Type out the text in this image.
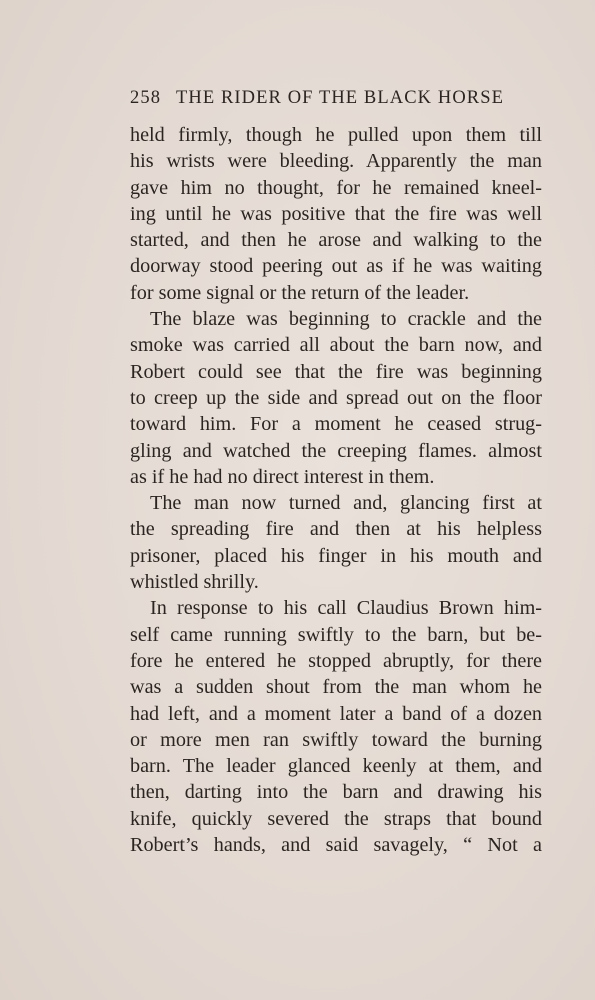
258 THE RIDER OF THE BLACK HORSE
held firmly, though he pulled upon them till
his wrists were bleeding. Apparently the man
gave him no thought, for he remained kneel-
ing until he was positive that the fire was well
started, and then he arose and walking to the
doorway stood peering out as if he was waiting
for some signal or the return of the leader.
The blaze was beginning to crackle and the
smoke was carried all about the barn now, and
Robert could see that the fire was beginning
to creep up the side and spread out on the floor
toward him. For a moment he ceased strug-
gling and watched the creeping flames. almost
as if he had no direct interest in them.
The man now turned and, glancing first at
the spreading fire and then at his helpless
prisoner, placed his finger in his mouth and
whistled shrilly.
In response to his call Claudius Brown him-
self came running swiftly to the barn, but be-
fore he entered he stopped abruptly, for there
was a sudden shout from the man whom he
had left, and a moment later a band of a dozen
or more men ran swiftly toward the burning
barn. The leader glanced keenly at them, and
then, darting into the barn and drawing his
knife, quickly severed the straps that bound
Robert’s hands, and said savagely, “ Not a
